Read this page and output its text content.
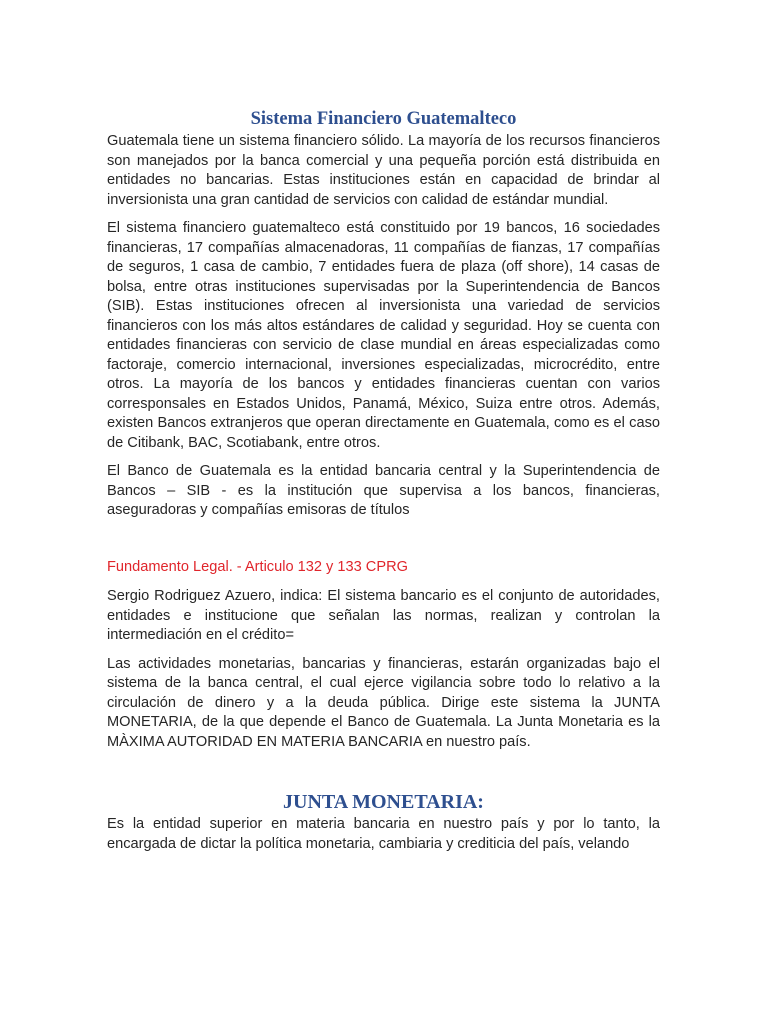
Sistema Financiero Guatemalteco

Guatemala tiene un sistema financiero sólido. La mayoría de los recursos financieros son manejados por la banca comercial y una pequeña porción está distribuida en entidades no bancarias. Estas instituciones están en capacidad de brindar al inversionista una gran cantidad de servicios con calidad de estándar mundial.

El sistema financiero guatemalteco está constituido por 19 bancos, 16 sociedades financieras, 17 compañías almacenadoras, 11 compañías de fianzas, 17 compañías de seguros, 1 casa de cambio, 7 entidades fuera de plaza (off shore), 14 casas de bolsa, entre otras instituciones supervisadas por la Superintendencia de Bancos (SIB). Estas instituciones ofrecen al inversionista una variedad de servicios financieros con los más altos estándares de calidad y seguridad. Hoy se cuenta con entidades financieras con servicio de clase mundial en áreas especializadas como factoraje, comercio internacional, inversiones especializadas, microcrédito, entre otros. La mayoría de los bancos y entidades financieras cuentan con varios corresponsales en Estados Unidos, Panamá, México, Suiza entre otros. Además, existen Bancos extranjeros que operan directamente en Guatemala, como es el caso de Citibank, BAC, Scotiabank, entre otros.

El Banco de Guatemala es la entidad bancaria central y la Superintendencia de Bancos – SIB - es la institución que supervisa a los bancos, financieras, aseguradoras y compañías emisoras de títulos

Fundamento Legal. - Articulo 132 y 133 CPRG

Sergio Rodriguez Azuero, indica: El sistema bancario es el conjunto de autoridades, entidades e institucione que señalan las normas, realizan y controlan la intermediación en el crédito=

Las actividades monetarias, bancarias y financieras, estarán organizadas bajo el sistema de la banca central, el cual ejerce vigilancia sobre todo lo relativo a la circulación de dinero y a la deuda pública. Dirige este sistema la JUNTA MONETARIA, de la que depende el Banco de Guatemala. La Junta Monetaria es la MÀXIMA AUTORIDAD EN MATERIA BANCARIA en nuestro país.

JUNTA MONETARIA:

Es la entidad superior en materia bancaria en nuestro país y por lo tanto, la encargada de dictar la política monetaria, cambiaria y crediticia del país, velando
